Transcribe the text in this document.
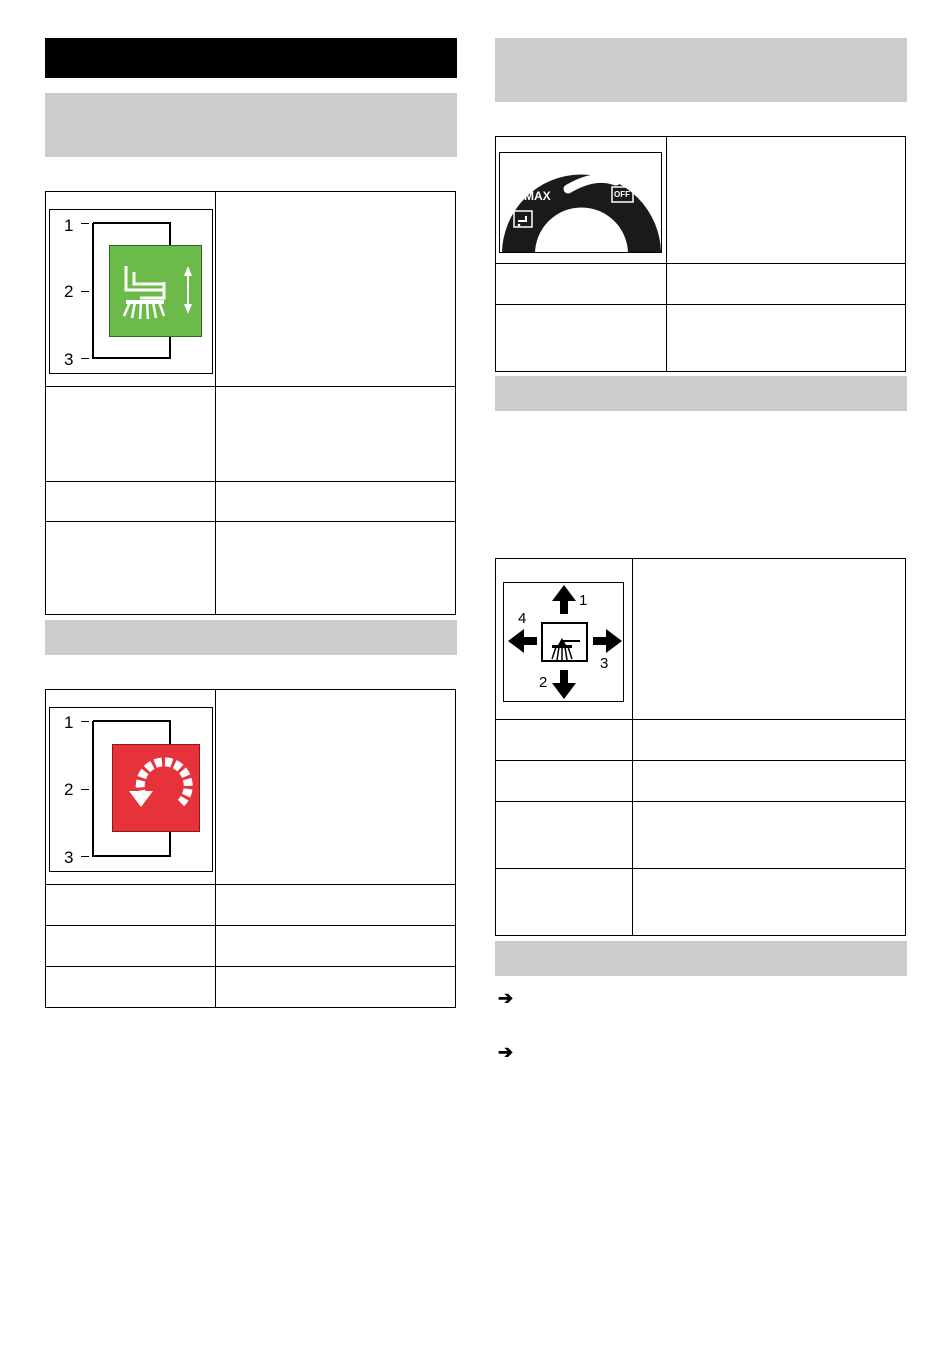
1
2
3	

1
2
3	

MAX OFF	

1
2
3
4	

➔
➔
